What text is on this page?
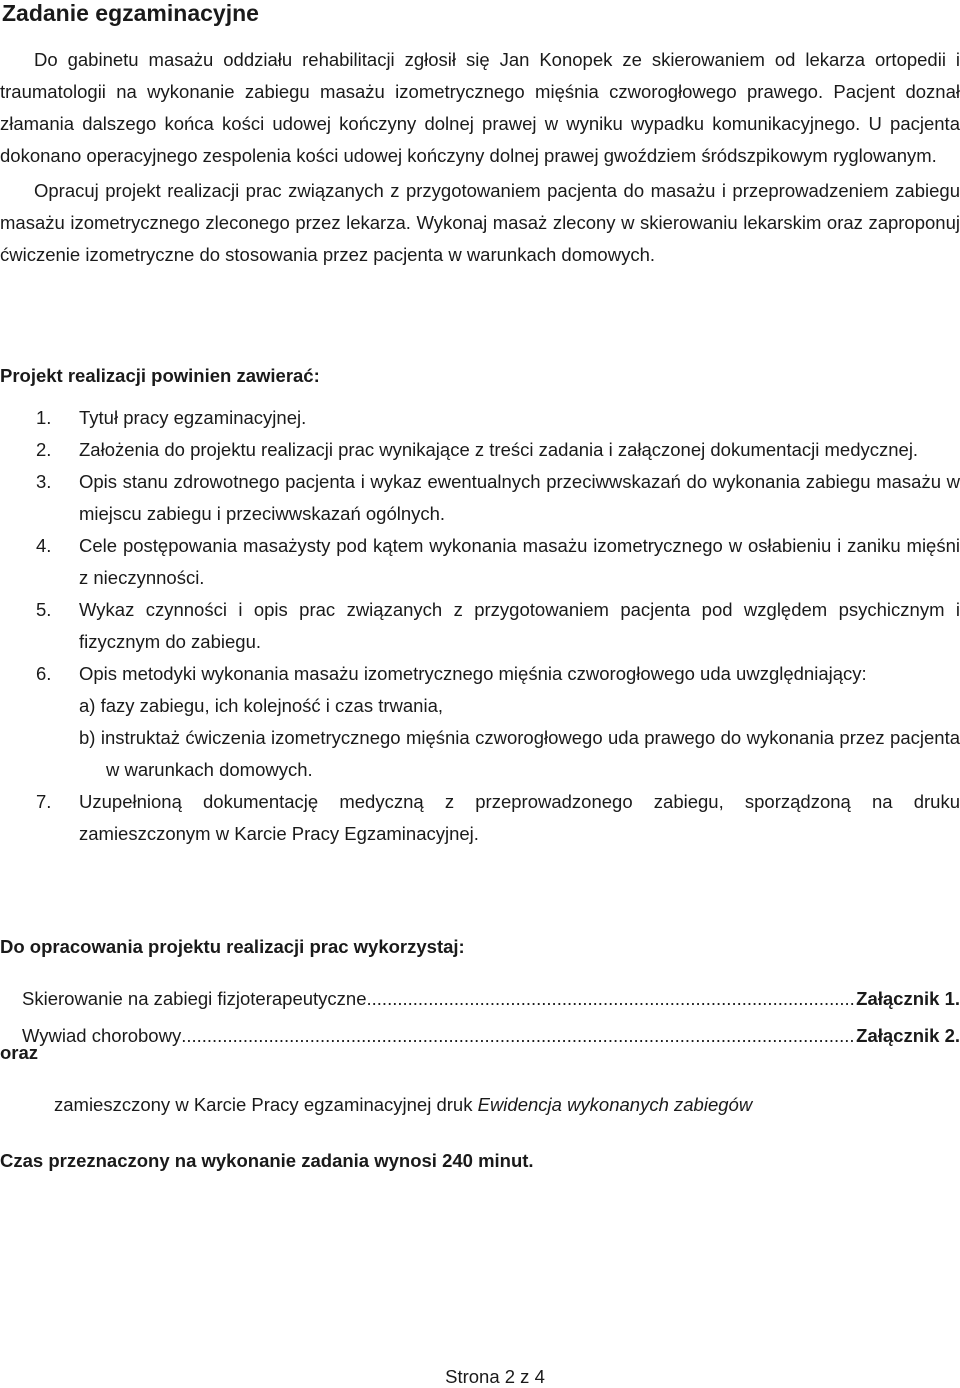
Zadanie egzaminacyjne

Do gabinetu masażu oddziału rehabilitacji zgłosił się Jan Konopek ze skierowaniem od lekarza ortopedii i traumatologii na wykonanie zabiegu masażu izometrycznego mięśnia czworogłowego prawego. Pacjent doznał złamania dalszego końca kości udowej kończyny dolnej prawej w wyniku wypadku komunikacyjnego. U pacjenta dokonano operacyjnego zespolenia kości udowej kończyny dolnej prawej gwoździem śródszpikowym ryglowanym.

Opracuj projekt realizacji prac związanych z przygotowaniem pacjenta do masażu i przeprowadzeniem zabiegu masażu izometrycznego zleconego przez lekarza. Wykonaj masaż zlecony w skierowaniu lekarskim oraz zaproponuj ćwiczenie izometryczne do stosowania przez pacjenta w warunkach domowych.

Projekt realizacji powinien zawierać:
1. Tytuł pracy egzaminacyjnej.
2. Założenia do projektu realizacji prac wynikające z treści zadania i załączonej dokumentacji medycznej.
3. Opis stanu zdrowotnego pacjenta i wykaz ewentualnych przeciwwskazań do wykonania zabiegu masażu w miejscu zabiegu i przeciwwskazań ogólnych.
4. Cele postępowania masażysty pod kątem wykonania masażu izometrycznego w osłabieniu i zaniku mięśni z nieczynności.
5. Wykaz czynności i opis prac związanych z przygotowaniem pacjenta pod względem psychicznym i fizycznym do zabiegu.
6. Opis metodyki wykonania masażu izometrycznego mięśnia czworogłowego uda uwzględniający:
a) fazy zabiegu, ich kolejność i czas trwania,
b) instruktaż ćwiczenia izometrycznego mięśnia czworogłowego uda prawego do wykonania przez pacjenta w warunkach domowych.
7. Uzupełnioną dokumentację medyczną z przeprowadzonego zabiegu, sporządzoną na druku zamieszczonym w Karcie Pracy Egzaminacyjnej.
Do opracowania projektu realizacji prac wykorzystaj:
Skierowanie na zabiegi fizjoterapeutyczne .....	Załącznik 1.
Wywiad chorobowy .....	Załącznik 2.
oraz
zamieszczony w Karcie Pracy egzaminacyjnej druk Ewidencja wykonanych zabiegów
Czas przeznaczony na wykonanie zadania wynosi 240 minut.
Strona 2 z 4
